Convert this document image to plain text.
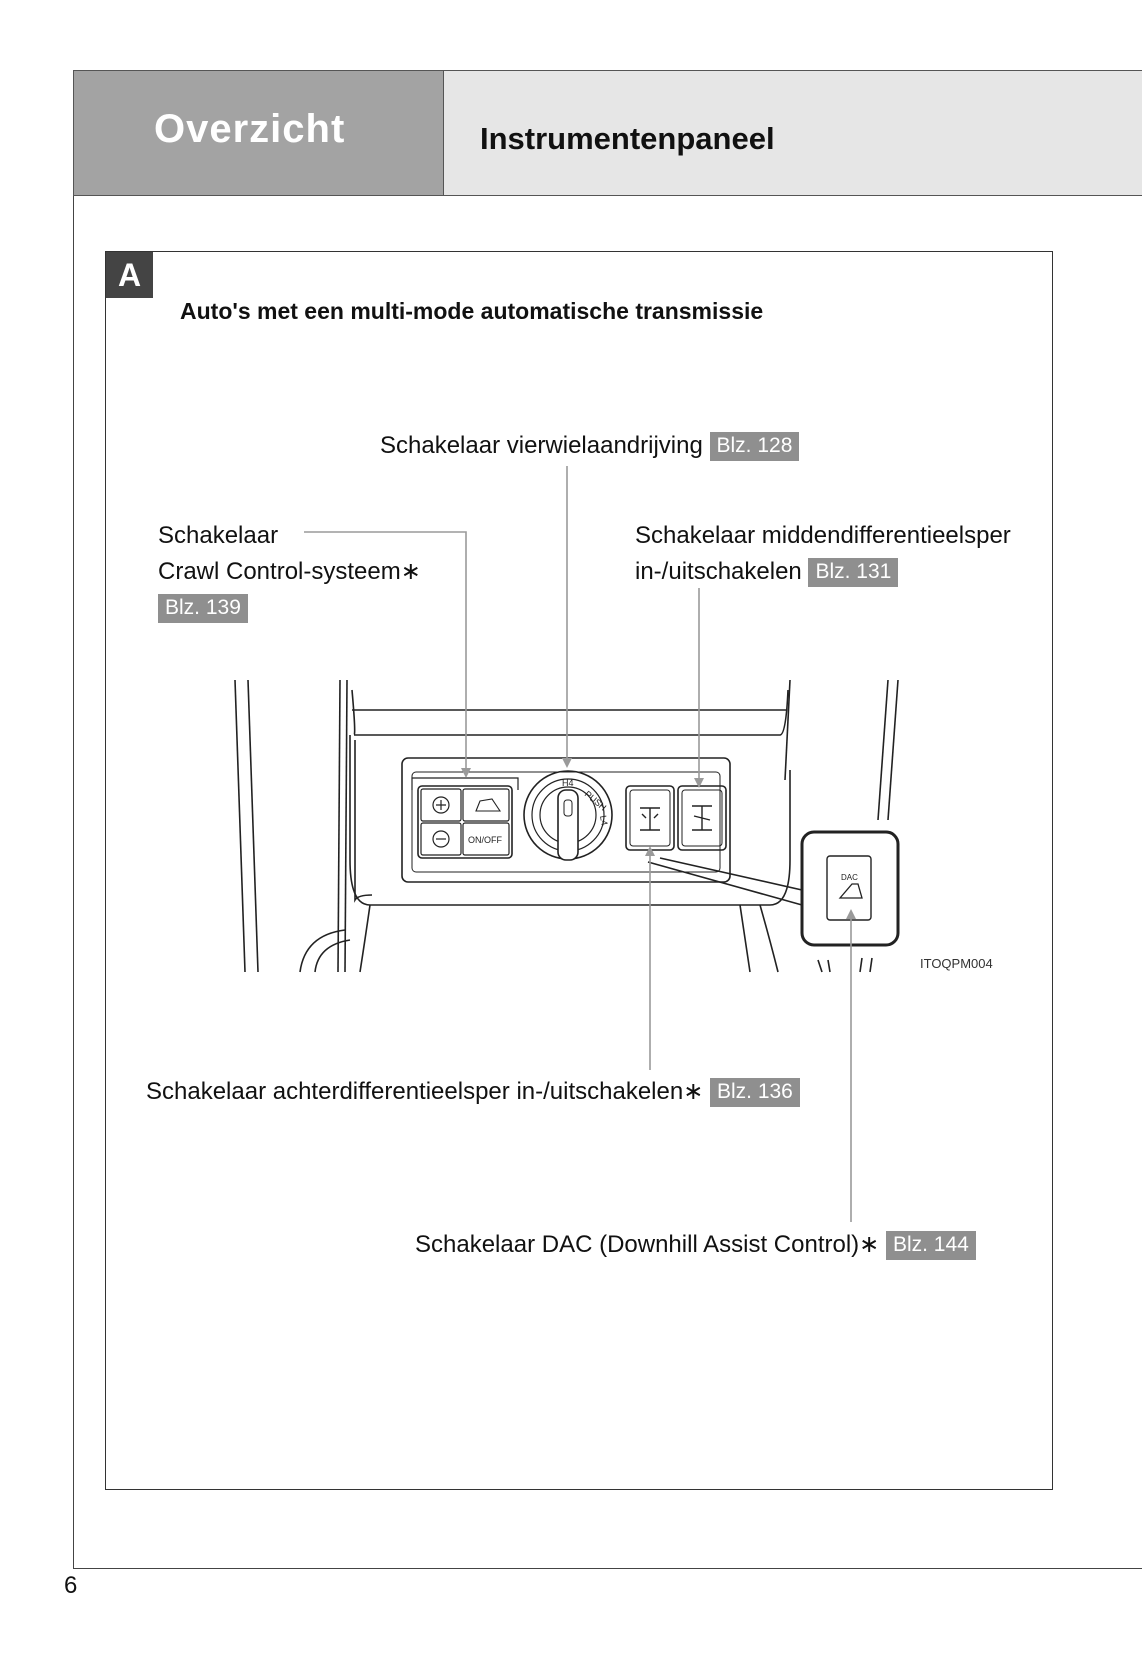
Overzicht	Instrumentenpaneel
A
Auto's met een multi-mode automatische transmissie
H4
PUSH
L4
ON/OFF
DAC
Schakelaar vierwielaandrijving Blz. 128
Schakelaar
Crawl Control-systeem∗
Blz. 139
Schakelaar middendifferentieelsper
in-/uitschakelen Blz. 131
Schakelaar achterdifferentieelsper in-/uitschakelen∗ Blz. 136
Schakelaar DAC (Downhill Assist Control)∗ Blz. 144
ITOQPM004
6
